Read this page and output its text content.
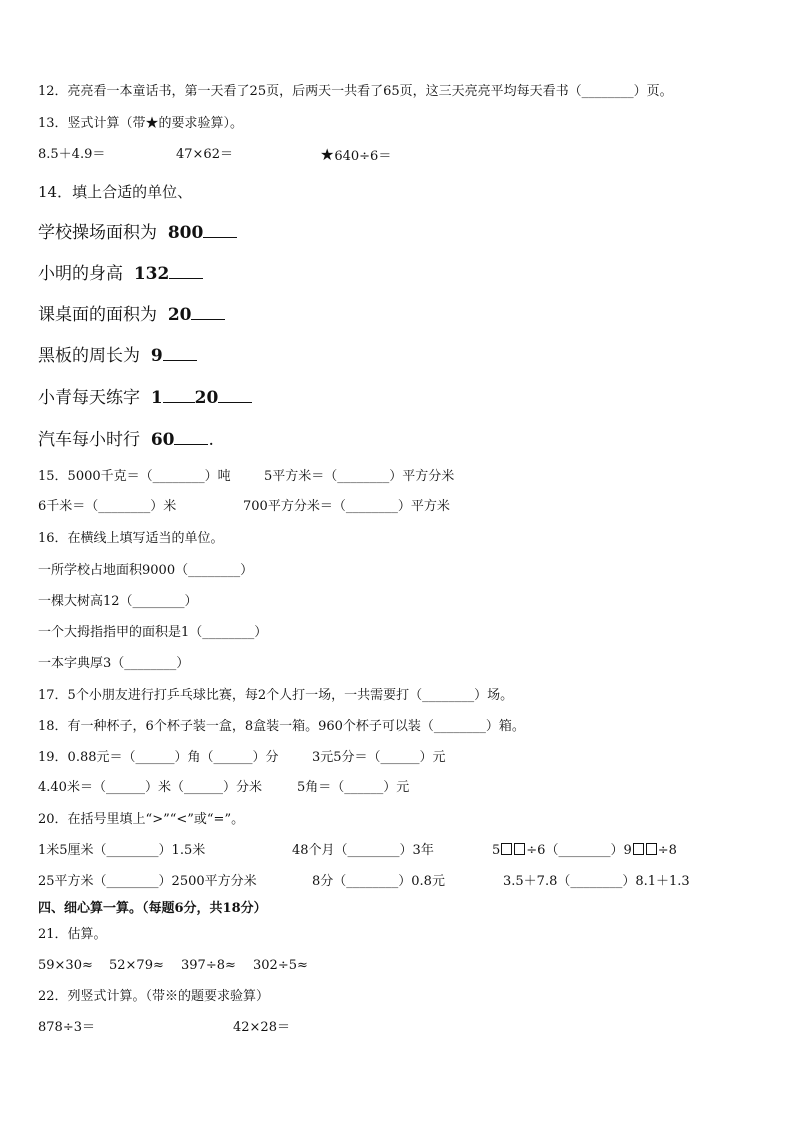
12．亮亮看一本童话书，第一天看了25页，后两天一共看了65页，这三天亮亮平均每天看书（________）页。
13．竖式计算（带★的要求验算）。
8.5＋4.9＝	47×62＝	★640÷6＝
14．填上合适的单位、
学校操场面积为 800
小明的身高 132
课桌面的面积为 20
黑板的周长为 9
小青每天练字 1 20
汽车每小时行 60 .
15．5000千克＝（________）吨	5平方米＝（________）平方分米
6千米＝（________）米	700平方分米＝（________）平方米
16．在横线上填写适当的单位。
一所学校占地面积9000（________）
一棵大树高12（________）
一个大拇指指甲的面积是1（________）
一本字典厚3（________）
17．5个小朋友进行打乒乓球比赛，每2个人打一场，一共需要打（________）场。
18．有一种杯子，6个杯子装一盒，8盒装一箱。960个杯子可以装（________）箱。
19．0.88元＝（______）角（______）分	3元5分＝（______）元
4.40米＝（______）米（______）分米	5角＝（______）元
20．在括号里填上“>”“<”或“=”。
1米5厘米（________）1.5米	48个月（________）3年	5 ÷6（________）9 ÷8
25平方米（________）2500平方分米	8分（________）0.8元	3.5＋7.8（________）8.1＋1.3
四、细心算一算。（每题6分，共18分）
21．估算。
59×30≈ 52×79≈ 397÷8≈ 302÷5≈
22．列竖式计算。（带※的题要求验算）
878÷3＝	42×28＝
